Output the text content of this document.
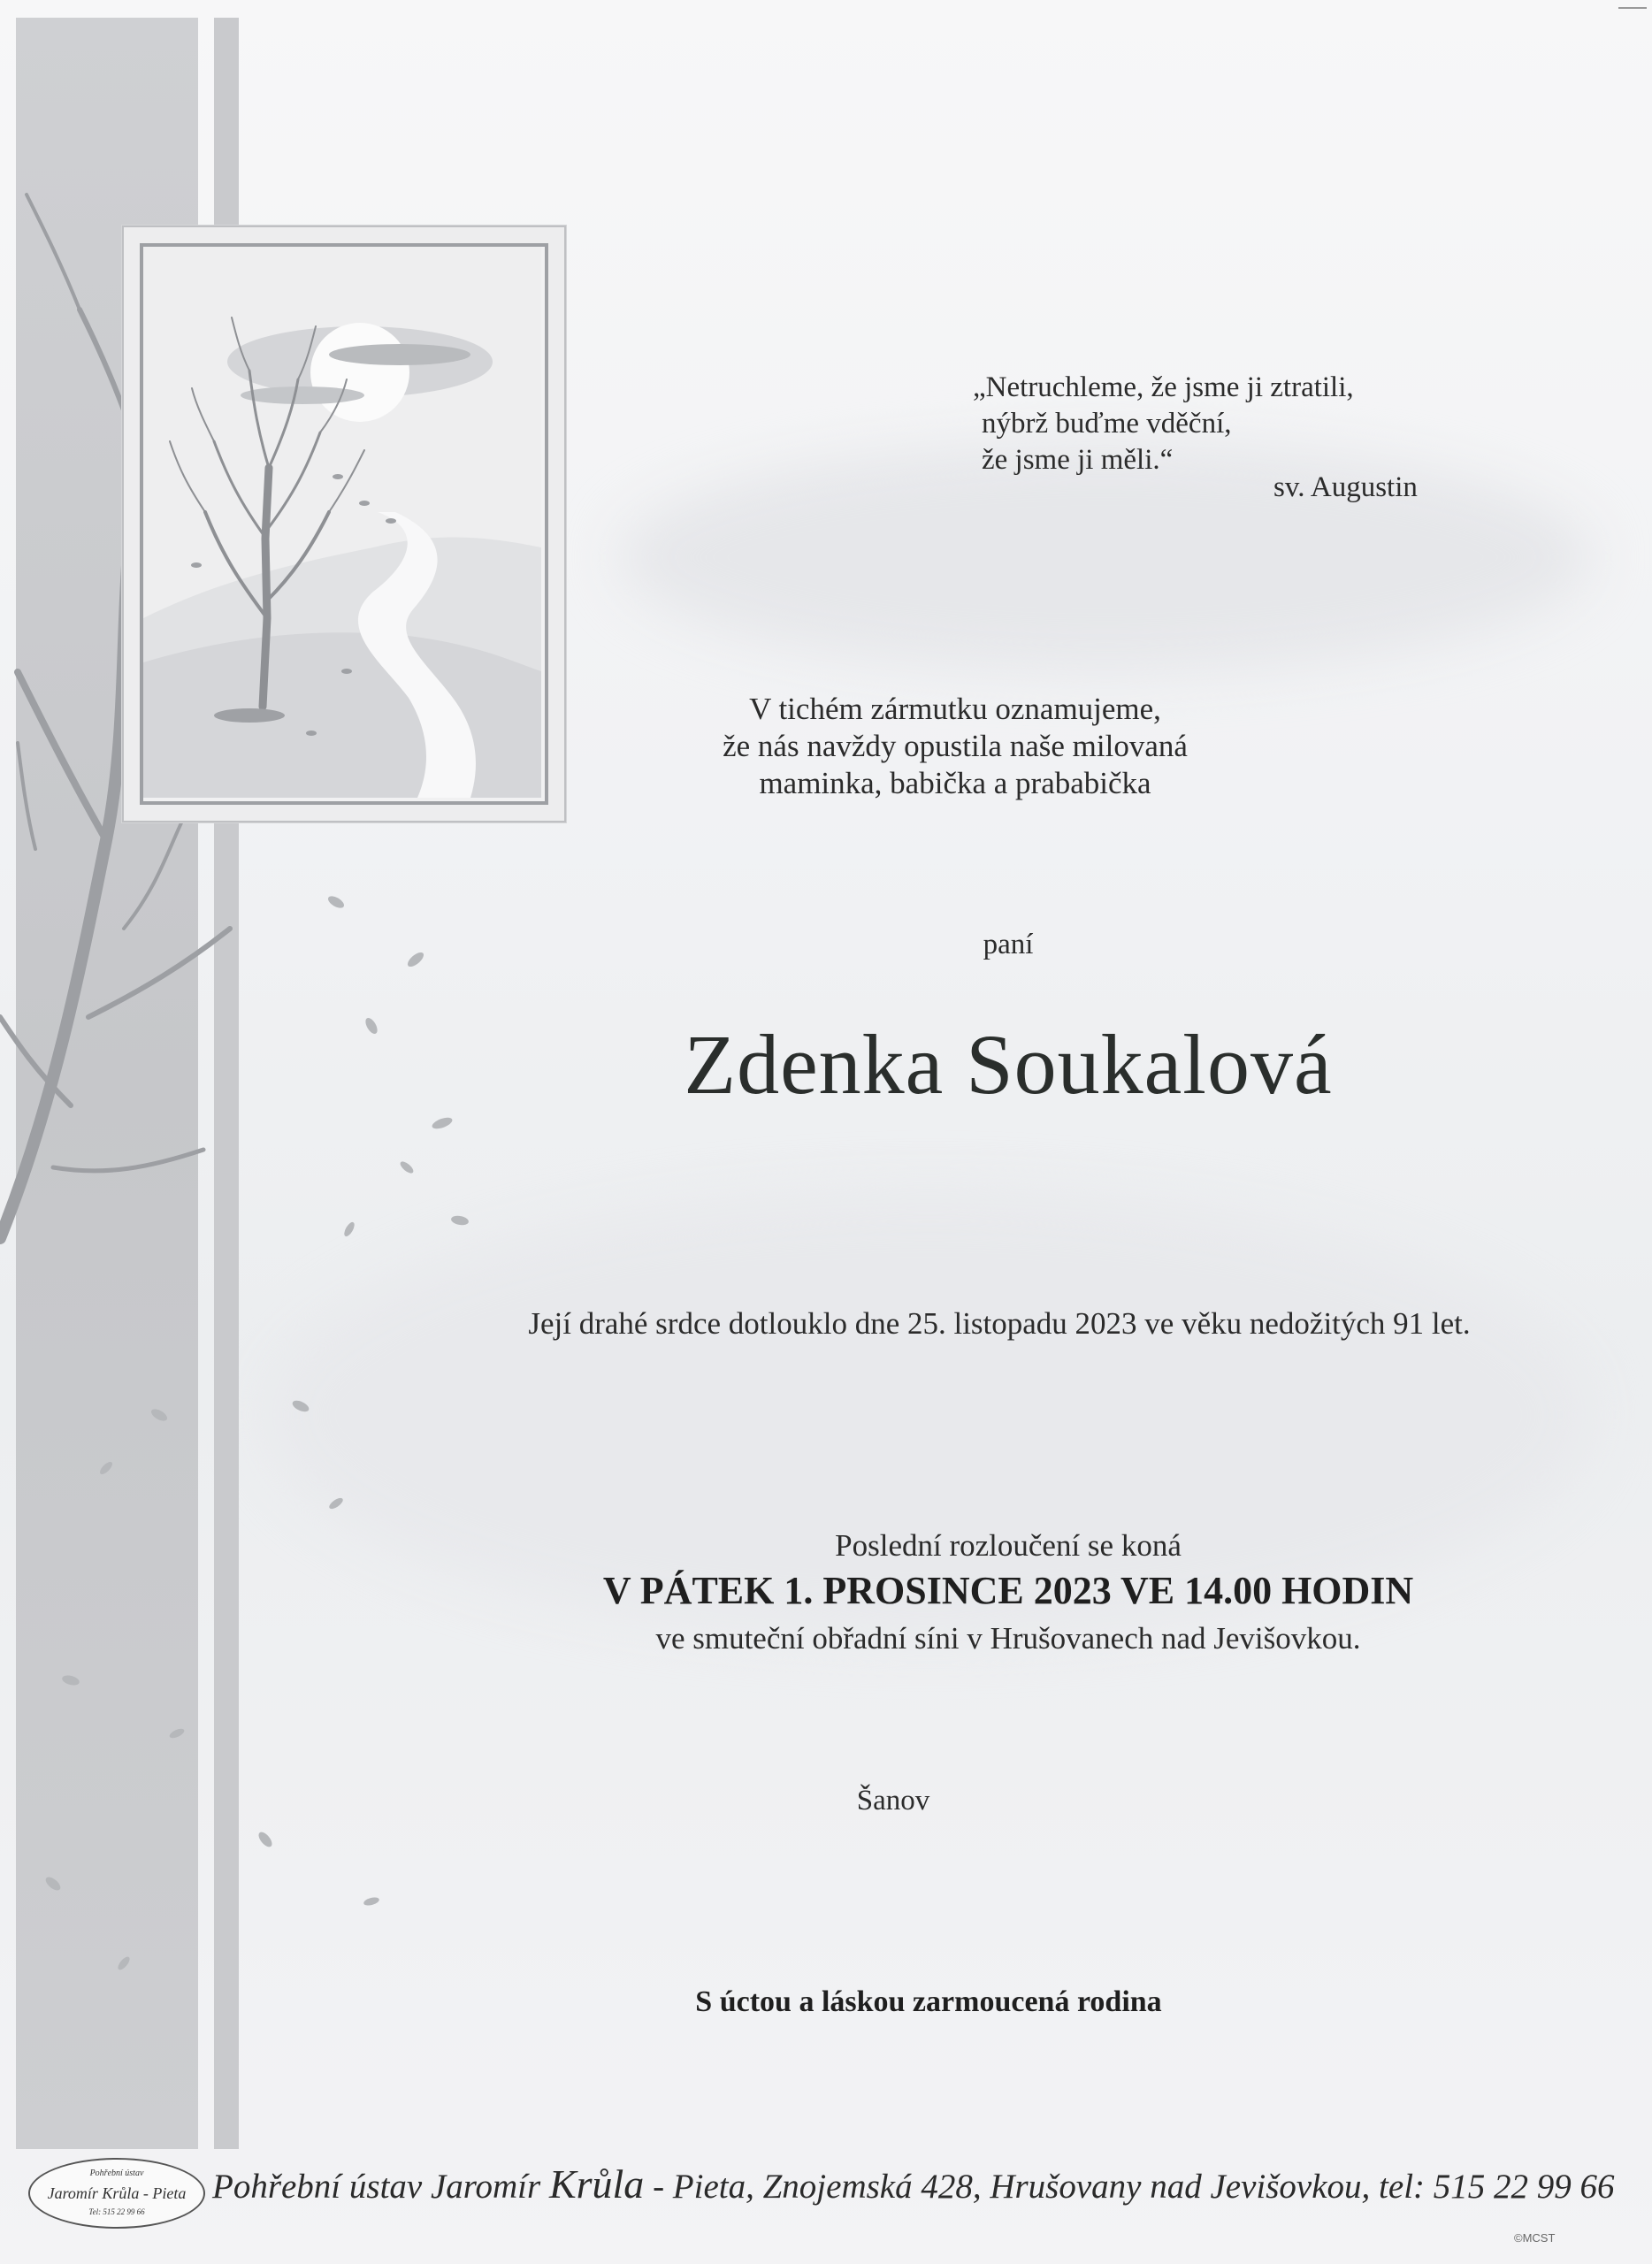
„Netruchleme, že jsme ji ztratili,
nýbrž buďme vděční,
že jsme ji měli.“
sv. Augustin
V tichém zármutku oznamujeme,
že nás navždy opustila naše milovaná
maminka, babička a prababička
paní
Zdenka Soukalová
Její drahé srdce dotlouklo dne 25. listopadu 2023 ve věku nedožitých 91 let.
Poslední rozloučení se koná
V PÁTEK 1. PROSINCE 2023 VE 14.00 HODIN
ve smuteční obřadní síni v Hrušovanech nad Jevišovkou.
Šanov
S úctou a láskou zarmoucená rodina
Pohřební ústav
Jaromír Krůla - Pieta
Tel: 515 22 99 66
Pohřební ústav Jaromír Krůla - Pieta, Znojemská 428, Hrušovany nad Jevišovkou, tel: 515 22 99 66
©MCST
